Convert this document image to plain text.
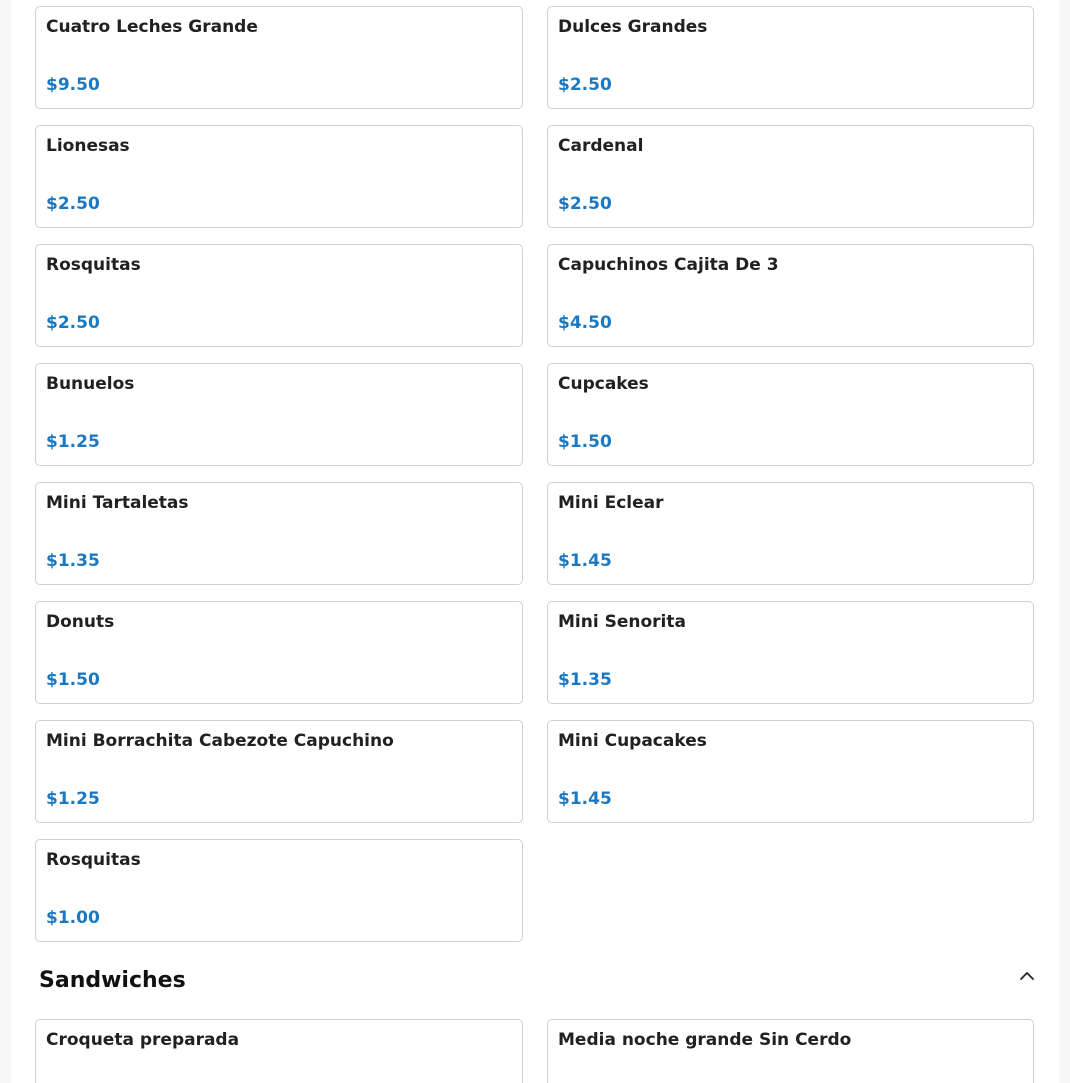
Cuatro Leches Grande
$9.50
Dulces Grandes
$2.50
Lionesas
$2.50
Cardenal
$2.50
Rosquitas
$2.50
Capuchinos Cajita De 3
$4.50
Bunuelos
$1.25
Cupcakes
$1.50
Mini Tartaletas
$1.35
Mini Eclear
$1.45
Donuts
$1.50
Mini Senorita
$1.35
Mini Borrachita Cabezote Capuchino
$1.25
Mini Cupacakes
$1.45
Rosquitas
$1.00
Sandwiches
Croqueta preparada	Media noche grande Sin Cerdo
